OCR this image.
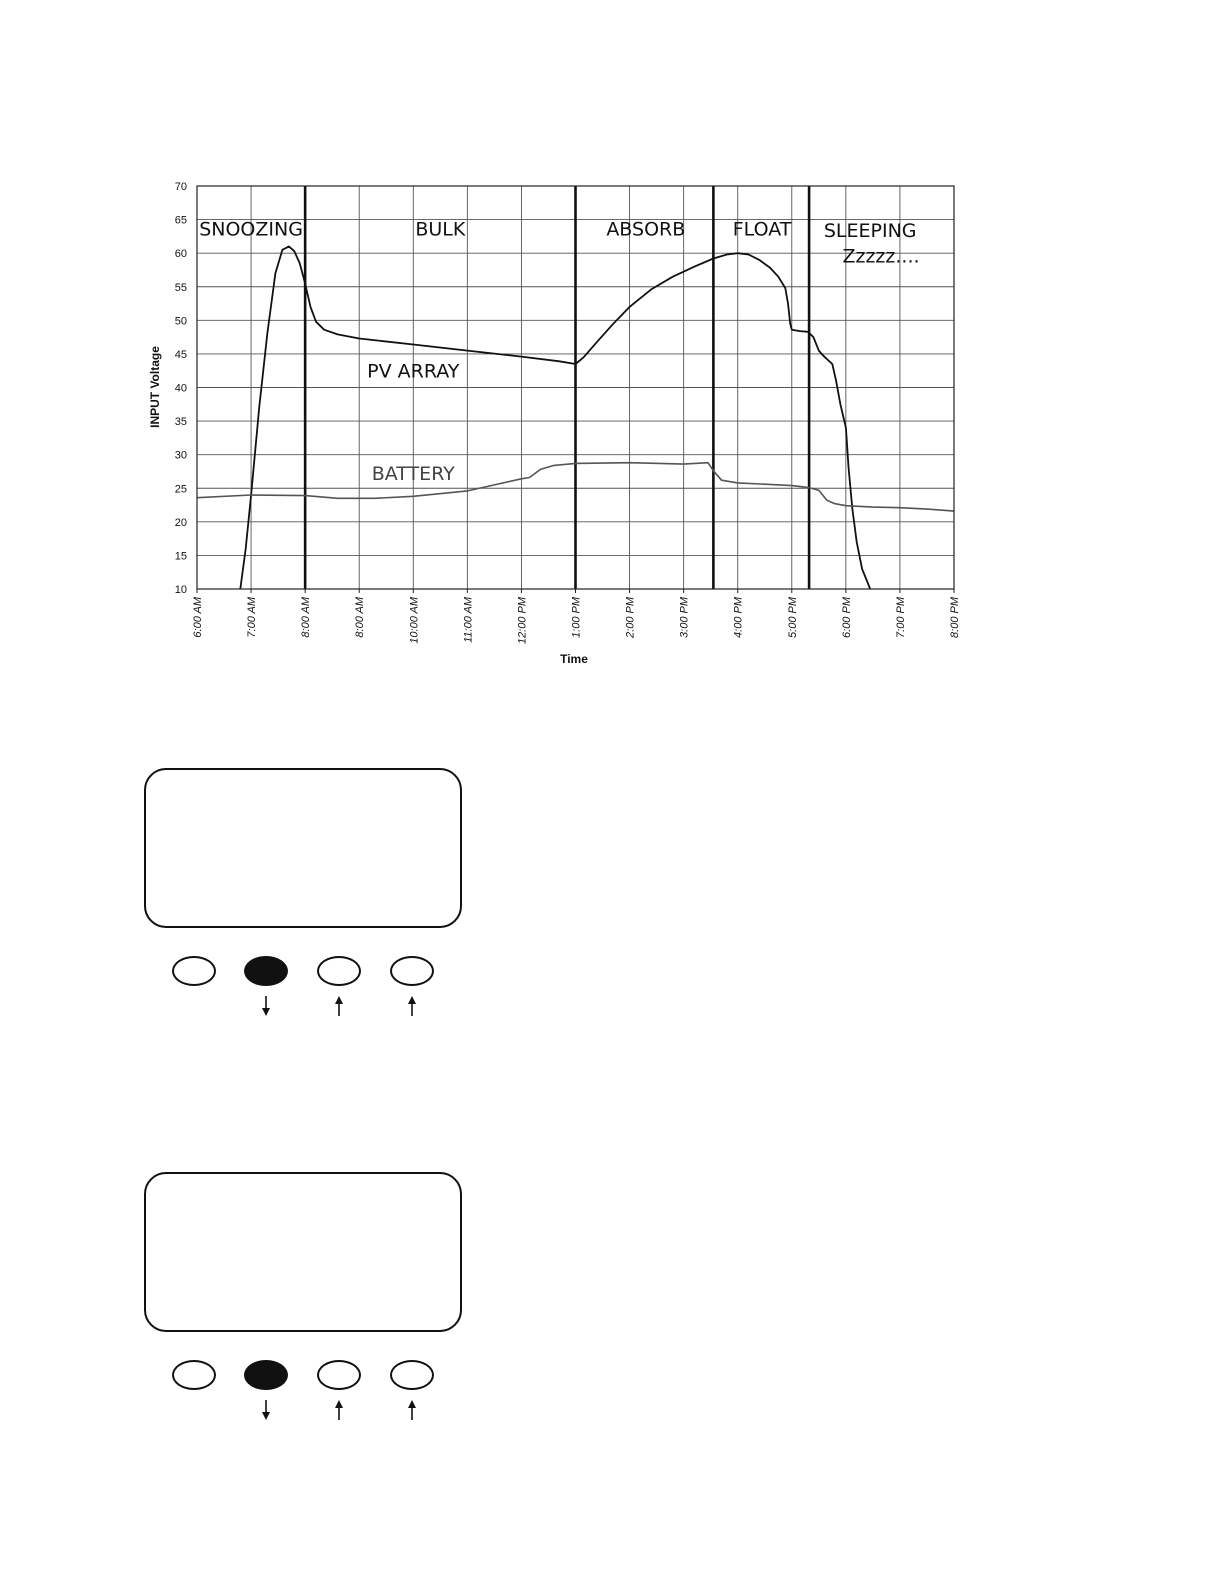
10
15
20
25
30
35
40
45
50
55
60
65
70
6:00 AM	7:00 AM	8:00 AM	8:00 AM	10:00 AM	11:00 AM	12:00 PM	1:00 PM	2:00 PM	3:00 PM	4:00 PM	5:00 PM	6:00 PM	7:00 PM	8:00 PM
PV ARRAY
BATTERY
SNOOZING	BULK	ABSORB FLOAT SLEEPING
Zzzzz....
INPUT Voltage
Time
